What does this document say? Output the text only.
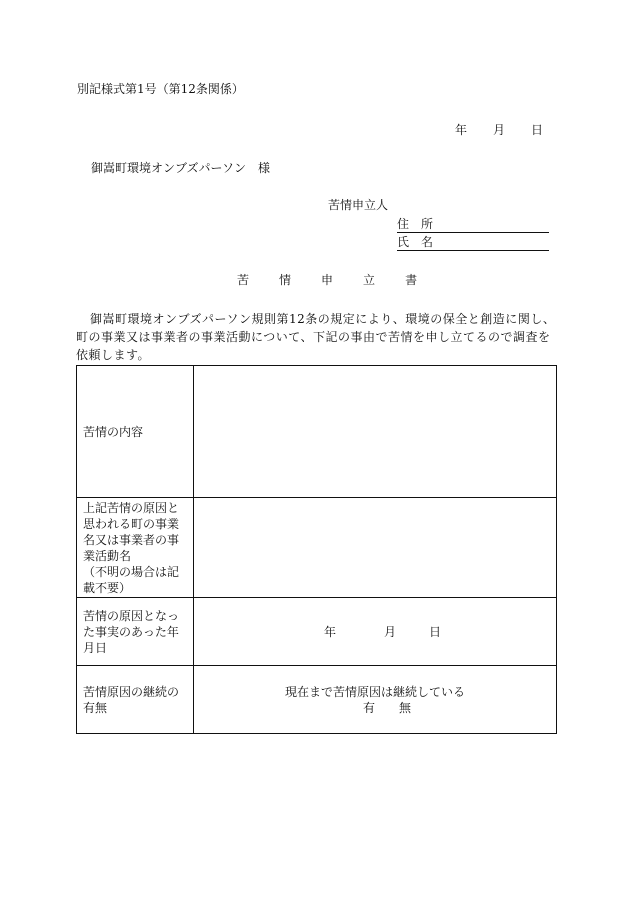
別記様式第1号（第12条関係）
年 月 日
御嵩町環境オンブズパーソン　様
苦情申立人
住　所
氏　名
苦	情	申	立	書
御嵩町環境オンブズパーソン規則第12条の規定により、環境の保全と創造に関し、町の事業又は事業者の事業活動について、下記の事由で苦情を申し立てるので調査を依頼します。
苦情の内容	
上記苦情の原因と思われる町の事業名又は事業者の事業活動名
（不明の場合は記載不要）	
苦情の原因となった事実のあった年月日	年 月 日
苦情原因の継続の有無	現在まで苦情原因は継続している
有 無
